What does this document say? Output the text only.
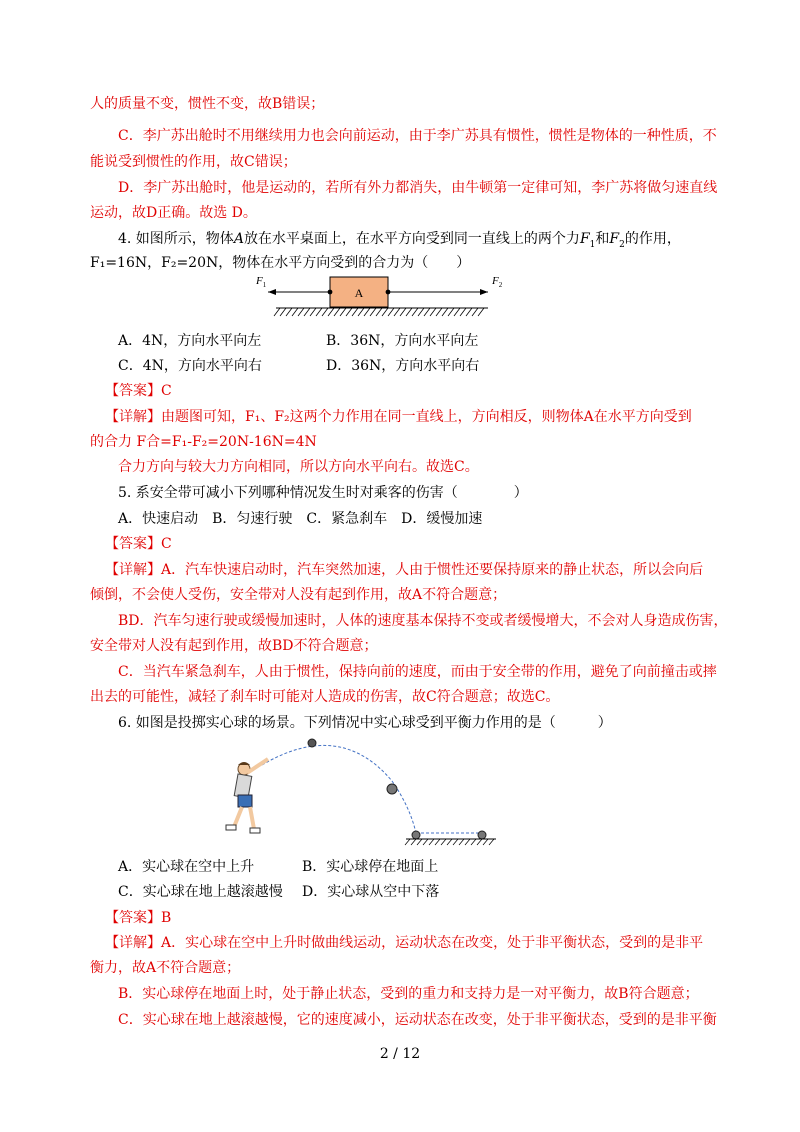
人的质量不变，惯性不变，故B错误；
C．李广苏出舱时不用继续用力也会向前运动，由于李广苏具有惯性，惯性是物体的一种性质，不
能说受到惯性的作用，故C错误；
D．李广苏出舱时，他是运动的，若所有外力都消失，由牛顿第一定律可知，李广苏将做匀速直线
运动，故D正确。故选 D。
4. 如图所示，物体A放在水平桌面上，在水平方向受到同一直线上的两个力$F_1$和$F_2$的作用，
F₁=16N，F₂=20N，物体在水平方向受到的合力为（　　）
A
$F_1$	$F_2$
A．4N，方向水平向左	B．36N，方向水平向左
C．4N，方向水平向右	D．36N，方向水平向右
【答案】C
【详解】由题图可知，F₁、F₂这两个力作用在同一直线上，方向相反，则物体A在水平方向受到
的合力 F合=F₁-F₂=20N-16N=4N
合力方向与较大力方向相同，所以方向水平向右。故选C。
5. 系安全带可减小下列哪种情况发生时对乘客的伤害（　　　　）
A．快速启动　B．匀速行驶　C．紧急刹车　D．缓慢加速
【答案】C
【详解】A．汽车快速启动时，汽车突然加速，人由于惯性还要保持原来的静止状态，所以会向后
倾倒，不会使人受伤，安全带对人没有起到作用，故A不符合题意；
BD．汽车匀速行驶或缓慢加速时，人体的速度基本保持不变或者缓慢增大，不会对人身造成伤害，
安全带对人没有起到作用，故BD不符合题意；
C．当汽车紧急刹车，人由于惯性，保持向前的速度，而由于安全带的作用，避免了向前撞击或摔
出去的可能性，减轻了刹车时可能对人造成的伤害，故C符合题意；故选C。
6. 如图是投掷实心球的场景。下列情况中实心球受到平衡力作用的是（　　　）
A．实心球在空中上升	B．实心球停在地面上
C．实心球在地上越滚越慢 D．实心球从空中下落
【答案】B
【详解】A．实心球在空中上升时做曲线运动，运动状态在改变，处于非平衡状态，受到的是非平
衡力，故A不符合题意；
B．实心球停在地面上时，处于静止状态，受到的重力和支持力是一对平衡力，故B符合题意；
C．实心球在地上越滚越慢，它的速度减小，运动状态在改变，处于非平衡状态，受到的是非平衡
2 / 12
